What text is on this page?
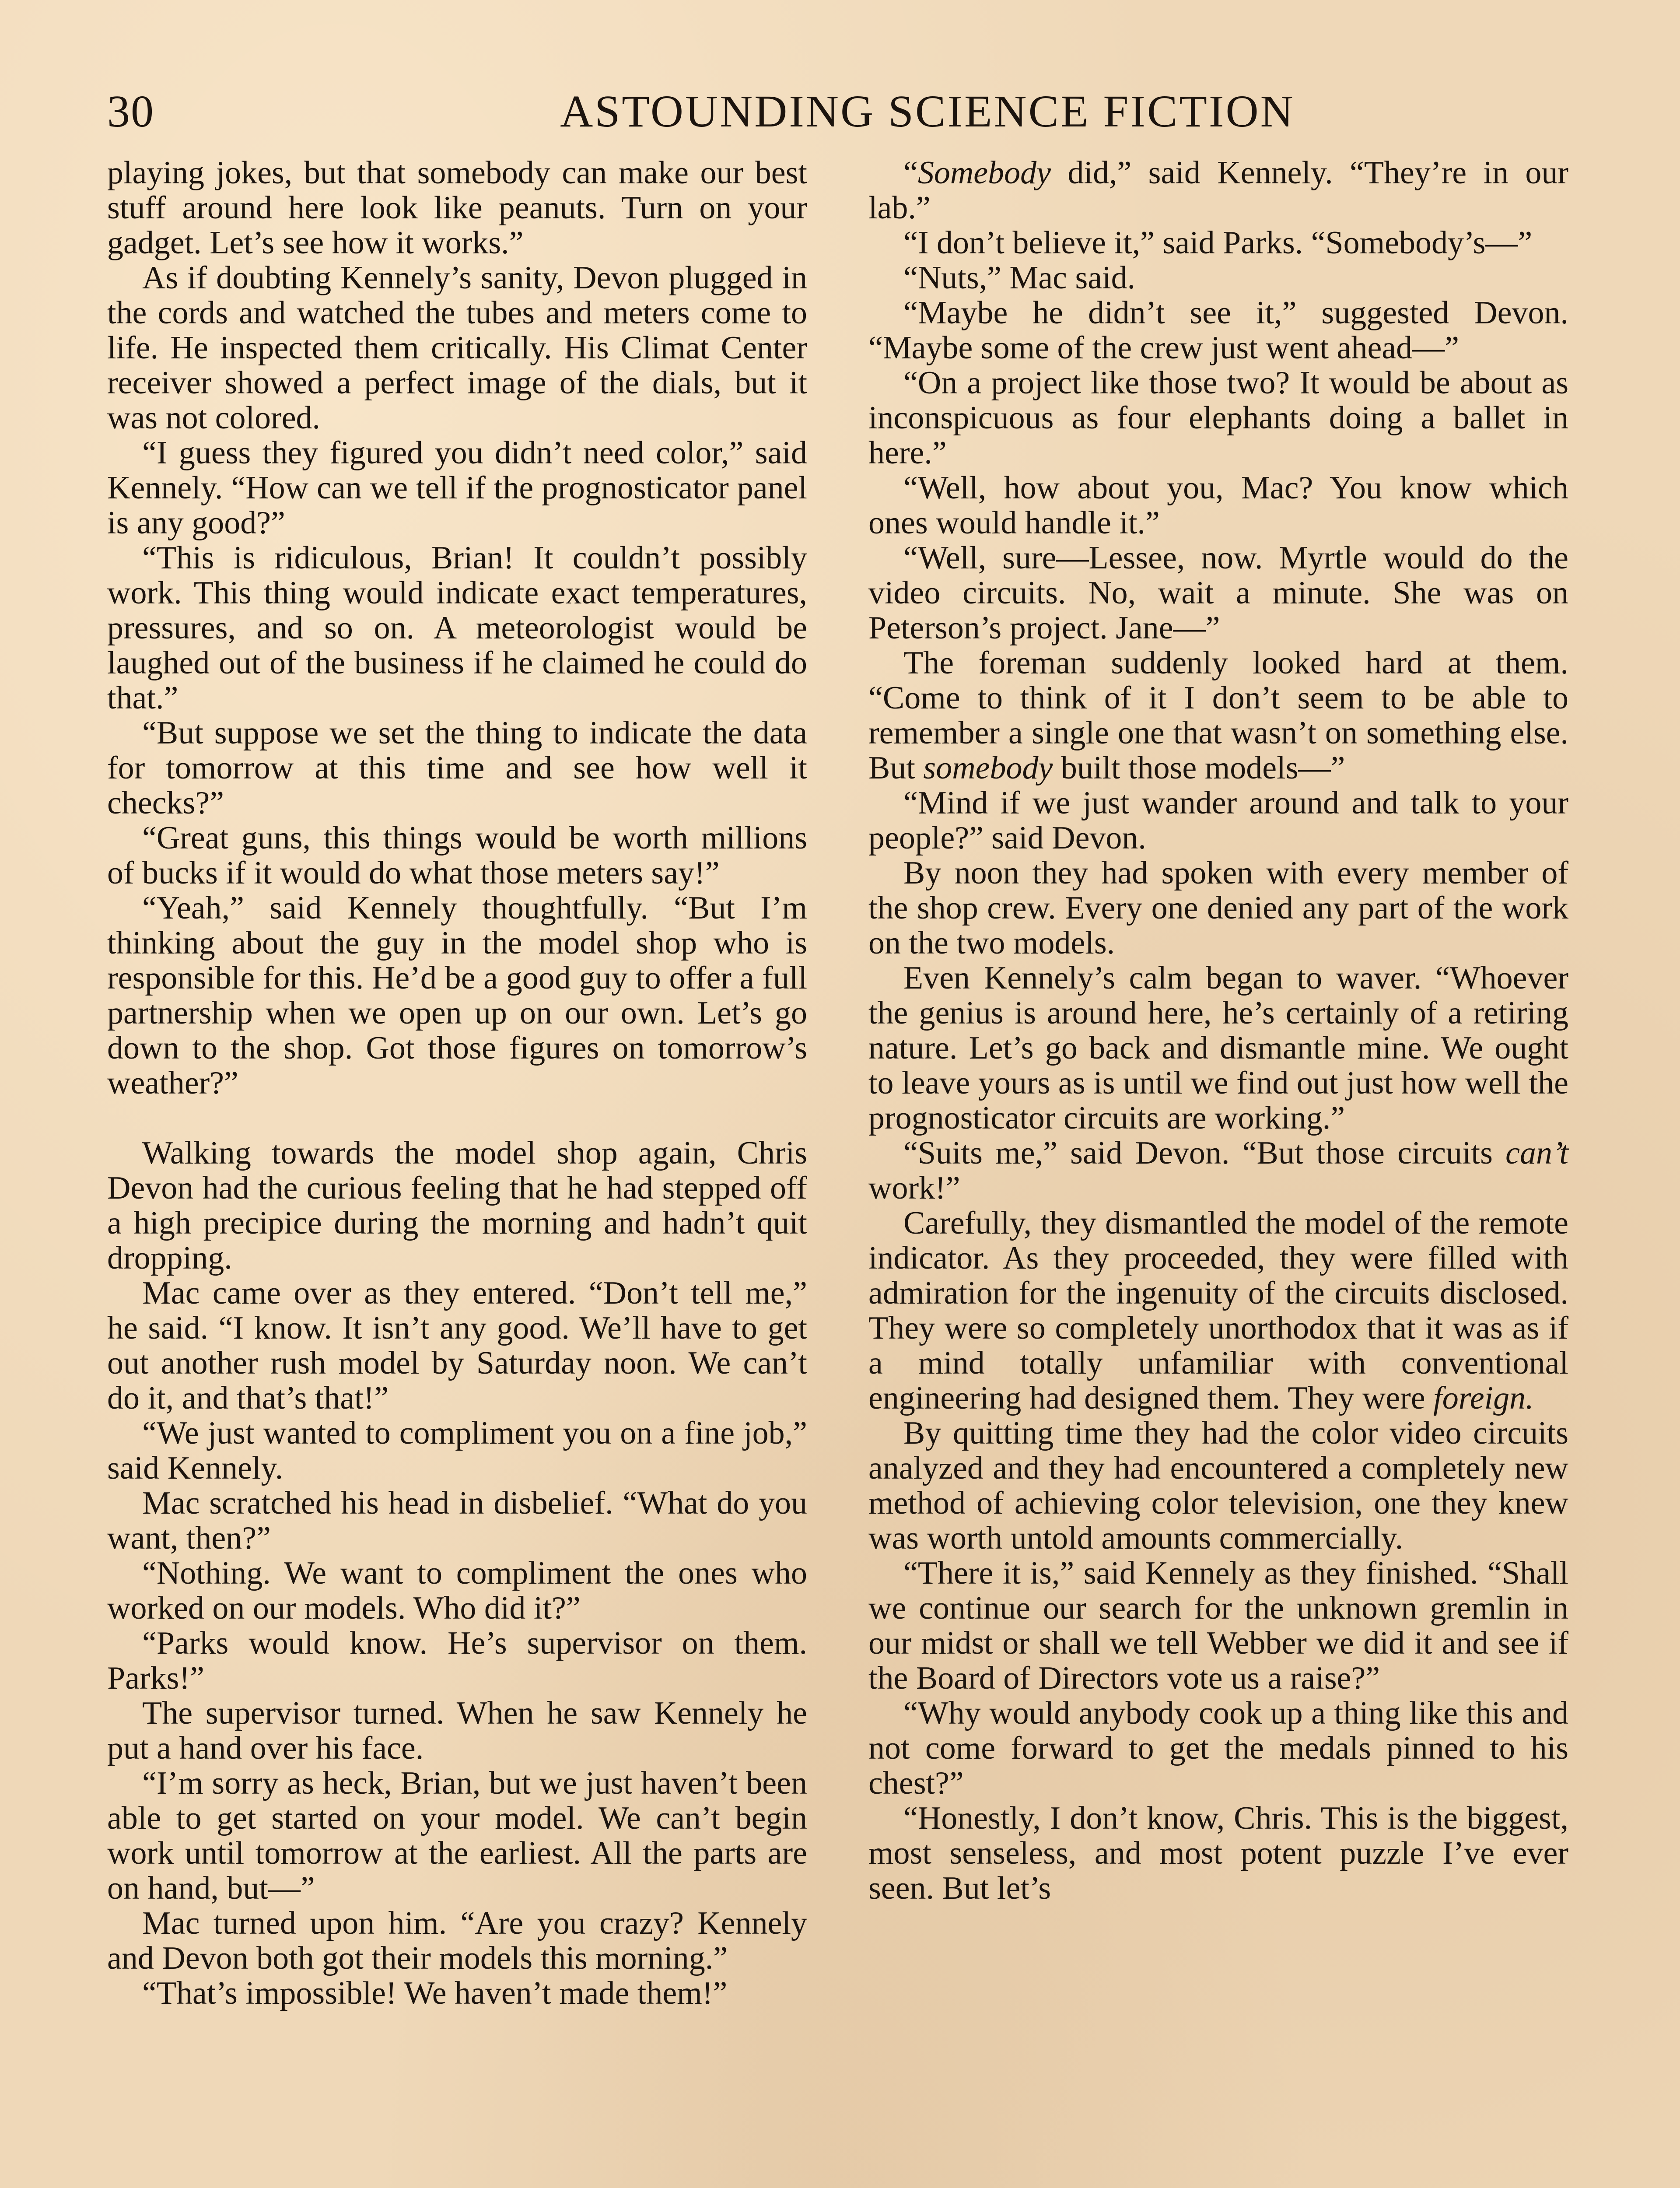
30	ASTOUNDING SCIENCE FICTION

playing jokes, but that somebody can make our best stuff around here look like peanuts. Turn on your gadget. Let’s see how it works.”

As if doubting Kennely’s sanity, Devon plugged in the cords and watched the tubes and meters come to life. He inspected them critically. His Climat Center receiver showed a perfect image of the dials, but it was not colored.

“I guess they figured you didn’t need color,” said Kennely. “How can we tell if the prognosticator panel is any good?”

“This is ridiculous, Brian! It couldn’t possibly work. This thing would indicate exact temperatures, pressures, and so on. A meteorologist would be laughed out of the business if he claimed he could do that.”

“But suppose we set the thing to indicate the data for tomorrow at this time and see how well it checks?”

“Great guns, this things would be worth millions of bucks if it would do what those meters say!”

“Yeah,” said Kennely thoughtfully. “But I’m thinking about the guy in the model shop who is responsible for this. He’d be a good guy to offer a full partnership when we open up on our own. Let’s go down to the shop. Got those figures on tomorrow’s weather?”

Walking towards the model shop again, Chris Devon had the curious feeling that he had stepped off a high precipice during the morning and hadn’t quit dropping.

Mac came over as they entered. “Don’t tell me,” he said. “I know. It isn’t any good. We’ll have to get out another rush model by Saturday noon. We can’t do it, and that’s that!”

“We just wanted to compliment you on a fine job,” said Kennely.

Mac scratched his head in disbelief. “What do you want, then?”

“Nothing. We want to compliment the ones who worked on our models. Who did it?”

“Parks would know. He’s supervisor on them. Parks!”

The supervisor turned. When he saw Kennely he put a hand over his face.

“I’m sorry as heck, Brian, but we just haven’t been able to get started on your model. We can’t begin work until tomorrow at the earliest. All the parts are on hand, but—”

Mac turned upon him. “Are you crazy? Kennely and Devon both got their models this morning.”

“That’s impossible! We haven’t made them!”

“Somebody did,” said Kennely. “They’re in our lab.”

“I don’t believe it,” said Parks. “Somebody’s—”

“Nuts,” Mac said.

“Maybe he didn’t see it,” suggested Devon. “Maybe some of the crew just went ahead—”

“On a project like those two? It would be about as inconspicuous as four elephants doing a ballet in here.”

“Well, how about you, Mac? You know which ones would handle it.”

“Well, sure—Lessee, now. Myrtle would do the video circuits. No, wait a minute. She was on Peterson’s project. Jane—”

The foreman suddenly looked hard at them. “Come to think of it I don’t seem to be able to remember a single one that wasn’t on something else. But somebody built those models—”

“Mind if we just wander around and talk to your people?” said Devon.

By noon they had spoken with every member of the shop crew. Every one denied any part of the work on the two models.

Even Kennely’s calm began to waver. “Whoever the genius is around here, he’s certainly of a retiring nature. Let’s go back and dismantle mine. We ought to leave yours as is until we find out just how well the prognosticator circuits are working.”

“Suits me,” said Devon. “But those circuits can’t work!”

Carefully, they dismantled the model of the remote indicator. As they proceeded, they were filled with admiration for the ingenuity of the circuits disclosed. They were so completely unorthodox that it was as if a mind totally unfamiliar with conventional engineering had designed them. They were foreign.

By quitting time they had the color video circuits analyzed and they had encountered a completely new method of achieving color television, one they knew was worth untold amounts commercially.

“There it is,” said Kennely as they finished. “Shall we continue our search for the unknown gremlin in our midst or shall we tell Webber we did it and see if the Board of Directors vote us a raise?”

“Why would anybody cook up a thing like this and not come forward to get the medals pinned to his chest?”

“Honestly, I don’t know, Chris. This is the biggest, most senseless, and most potent puzzle I’ve ever seen. But let’s
